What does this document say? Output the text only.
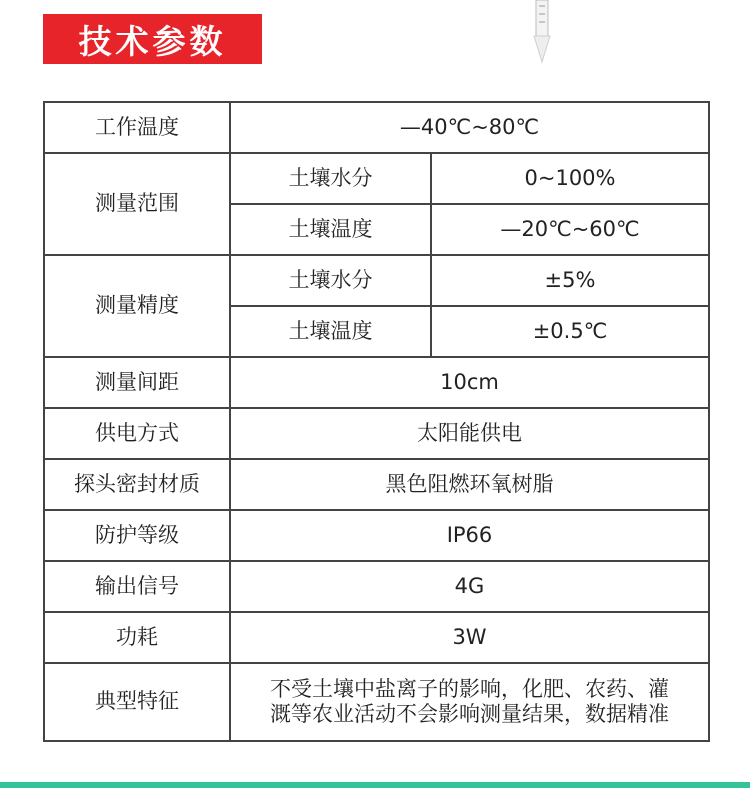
技术参数
工作温度	—40℃~80℃	
测量范围	土壤水分	0~100%
	土壤温度	—20℃~60℃
测量精度	土壤水分	±5%
	土壤温度	±0.5℃
测量间距	10cm	
供电方式	太阳能供电	
探头密封材质	黑色阻燃环氧树脂	
防护等级	IP66	
输出信号	4G	
功耗	3W	
典型特征	不受土壤中盐离子的影响，化肥、农药、灌
溉等农业活动不会影响测量结果，数据精准	
